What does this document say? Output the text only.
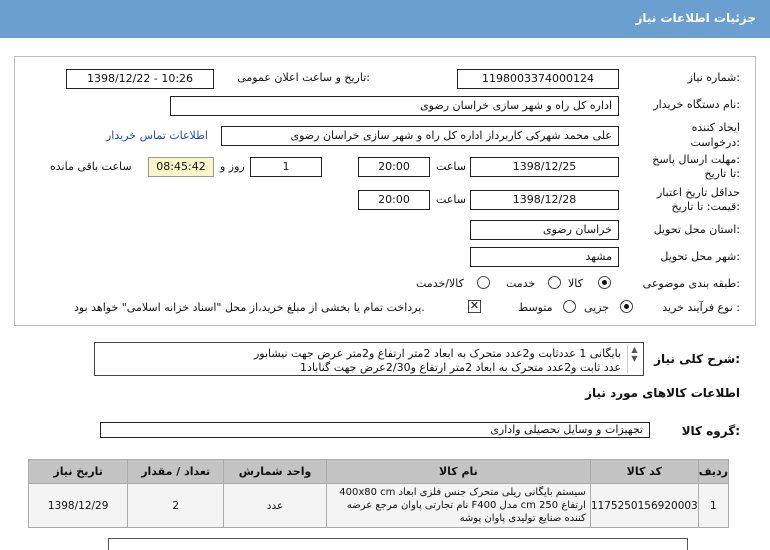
جزئیات اطلاعات نیاز
شماره نیاز:
1198003374000124
تاریخ و ساعت اعلان عمومی:
1398/12/22 - 10:26
نام دستگاه خریدار:
اداره کل راه و شهر سازی خراسان رضوی
ایجاد کننده
درخواست:
علی محمد شهرکی کاربرداز اداره کل راه و شهر سازی خراسان رضوی
اطلاعات تماس خریدار
مهلت ارسال پاسخ:
تا تاریخ:
1398/12/25
ساعت
20:00
1
روز و
08:45:42
ساعت باقی مانده
حداقل تاریخ اعتبار
قیمت: تا تاریخ:
1398/12/28
ساعت
20:00
استان محل تحویل:
خراسان رضوی
شهر محل تحویل:
مشهد
طبقه بندی موضوعی:
کالا
خدمت
کالا/خدمت
نوع فرآیند خرید :
جزیی
متوسط
✕
پرداخت تمام یا بخشی از مبلغ خرید،از محل "اسناد خزانه اسلامی" خواهد بود.
شرح کلی نیاز:
بایگانی 1 عددثابت و2عدد متحرک به ابعاد 2متر ارتفاع و2متر عرض جهت نیشابور
1عدد ثابت و2عدد متحرک به ابعاد 2متر ارتفاع و2/30عرض جهت گناباد
▲
▼
اطلاعات کالاهای مورد نیاز
گروه کالا:
تجهیزات و وسایل تحصیلی واداری
ردیف	کد کالا	نام کالا	واحد شمارش	تعداد / مقدار	تاریخ نیاز
1	1175250156920003	سیستم بایگانی ریلی متحرک جنس فلزی ابعاد 400x80 cm ارتفاع 250 cm مدل F400 نام تجارتی پاوان مرجع عرضه کننده صنایع تولیدی پاوان پوشه	عدد	2	1398/12/29
